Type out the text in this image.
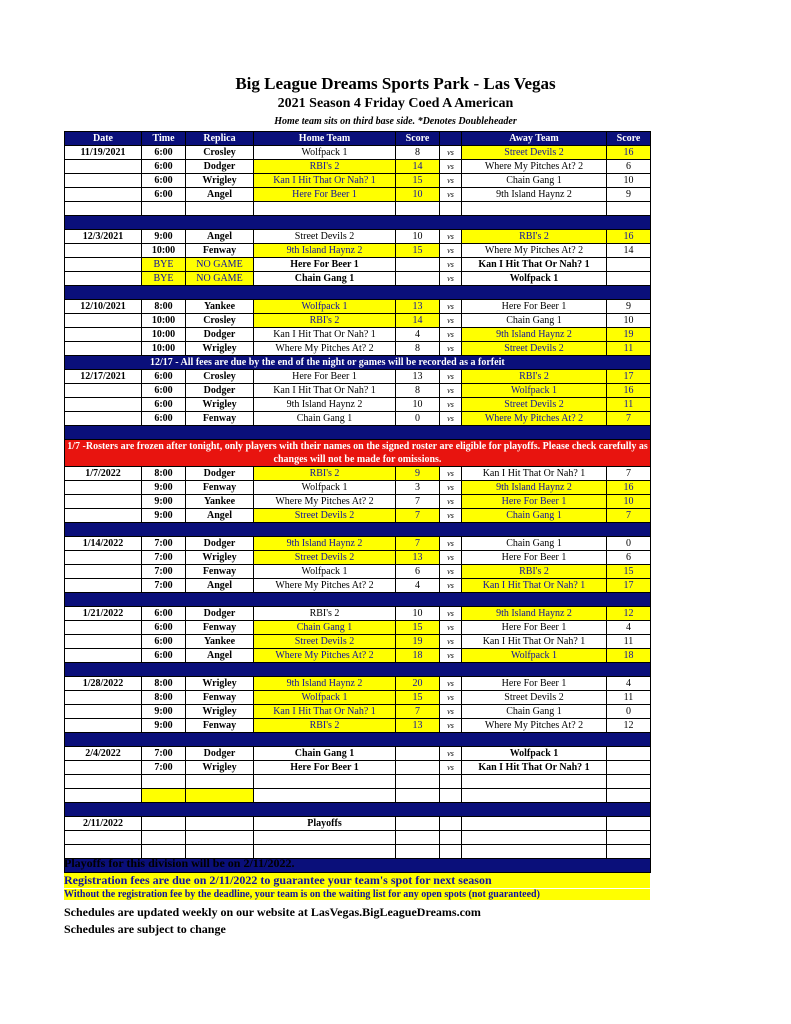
Big League Dreams Sports Park - Las Vegas
2021 Season 4 Friday Coed A American
Home team sits on third base side. *Denotes Doubleheader
Date	Time	Replica	Home Team	Score		Away Team	Score
11/19/2021	6:00	Crosley	Wolfpack 1	8	vs	Street Devils 2	16
	6:00	Dodger	RBI's 2	14	vs	Where My Pitches At? 2	6
	6:00	Wrigley	Kan I Hit That Or Nah? 1	15	vs	Chain Gang 1	10
	6:00	Angel	Here For Beer 1	10	vs	9th Island Haynz 2	9

12/3/2021	9:00	Angel	Street Devils 2	10	vs	RBI's 2	16
	10:00	Fenway	9th Island Haynz 2	15	vs	Where My Pitches At? 2	14
	BYE	NO GAME	Here For Beer 1		vs	Kan I Hit That Or Nah? 1	
	BYE	NO GAME	Chain Gang 1		vs	Wolfpack 1	

12/10/2021	8:00	Yankee	Wolfpack 1	13	vs	Here For Beer 1	9
	10:00	Crosley	RBI's 2	14	vs	Chain Gang 1	10
	10:00	Dodger	Kan I Hit That Or Nah? 1	4	vs	9th Island Haynz 2	19
	10:00	Wrigley	Where My Pitches At? 2	8	vs	Street Devils 2	11
12/17 - All fees are due by the end of the night or games will be recorded as a forfeit							
12/17/2021	6:00	Crosley	Here For Beer 1	13	vs	RBI's 2	17
	6:00	Dodger	Kan I Hit That Or Nah? 1	8	vs	Wolfpack 1	16
	6:00	Wrigley	9th Island Haynz 2	10	vs	Street Devils 2	11
	6:00	Fenway	Chain Gang 1	0	vs	Where My Pitches At? 2	7

1/7 -Rosters are frozen after tonight, only players with their names on the signed roster are eligible for playoffs. Please check carefully as changes will not be made for omissions.							
1/7/2022	8:00	Dodger	RBI's 2	9	vs	Kan I Hit That Or Nah? 1	7
	9:00	Fenway	Wolfpack 1	3	vs	9th Island Haynz 2	16
	9:00	Yankee	Where My Pitches At? 2	7	vs	Here For Beer 1	10
	9:00	Angel	Street Devils 2	7	vs	Chain Gang 1	7

1/14/2022	7:00	Dodger	9th Island Haynz 2	7	vs	Chain Gang 1	0
	7:00	Wrigley	Street Devils 2	13	vs	Here For Beer 1	6
	7:00	Fenway	Wolfpack 1	6	vs	RBI's 2	15
	7:00	Angel	Where My Pitches At? 2	4	vs	Kan I Hit That Or Nah? 1	17

1/21/2022	6:00	Dodger	RBI's 2	10	vs	9th Island Haynz 2	12
	6:00	Fenway	Chain Gang 1	15	vs	Here For Beer 1	4
	6:00	Yankee	Street Devils 2	19	vs	Kan I Hit That Or Nah? 1	11
	6:00	Angel	Where My Pitches At? 2	18	vs	Wolfpack 1	18

1/28/2022	8:00	Wrigley	9th Island Haynz 2	20	vs	Here For Beer 1	4
	8:00	Fenway	Wolfpack 1	15	vs	Street Devils 2	11
	9:00	Wrigley	Kan I Hit That Or Nah? 1	7	vs	Chain Gang 1	0
	9:00	Fenway	RBI's 2	13	vs	Where My Pitches At? 2	12

2/4/2022	7:00	Dodger	Chain Gang 1		vs	Wolfpack 1	
	7:00	Wrigley	Here For Beer 1		vs	Kan I Hit That Or Nah? 1	

2/11/2022			Playoffs				

Playoffs for this division will be on 2/11/2022.
Registration fees are due on 2/11/2022 to guarantee your team's spot for next season
Without the registration fee by the deadline, your team is on the waiting list for any open spots (not guaranteed)
Schedules are updated weekly on our website at LasVegas.BigLeagueDreams.com
Schedules are subject to change
